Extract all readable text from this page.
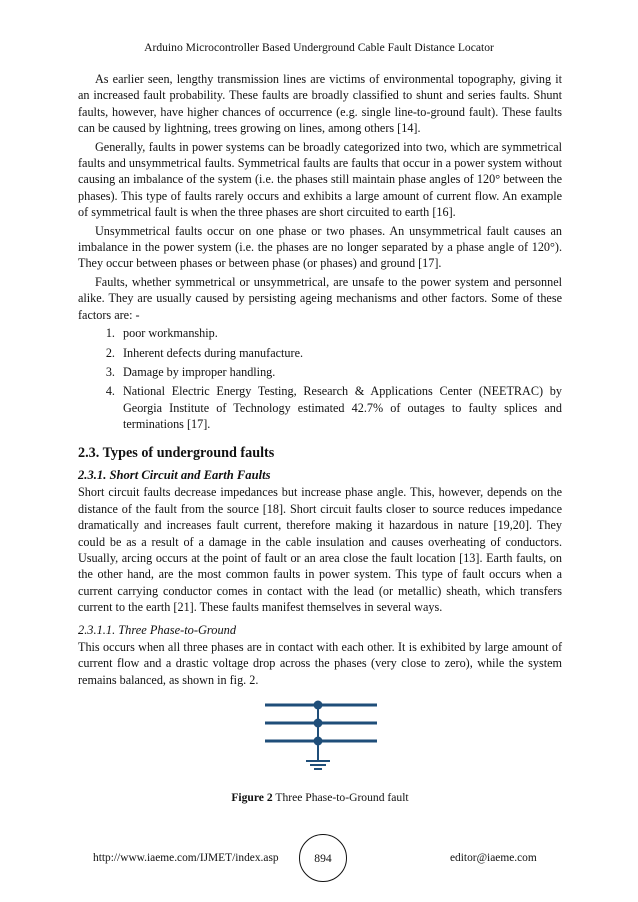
Arduino Microcontroller Based Underground Cable Fault Distance Locator

As earlier seen, lengthy transmission lines are victims of environmental topography, giving it an increased fault probability. These faults are broadly classified to shunt and series faults. Shunt faults, however, have higher chances of occurrence (e.g. single line-to-ground fault). These faults can be caused by lightning, trees growing on lines, among others [14].

Generally, faults in power systems can be broadly categorized into two, which are symmetrical faults and unsymmetrical faults. Symmetrical faults are faults that occur in a power system without causing an imbalance of the system (i.e. the phases still maintain phase angles of 120° between the phases). This type of faults rarely occurs and exhibits a large amount of current flow. An example of symmetrical fault is when the three phases are short circuited to earth [16].

Unsymmetrical faults occur on one phase or two phases. An unsymmetrical fault causes an imbalance in the power system (i.e. the phases are no longer separated by a phase angle of 120°). They occur between phases or between phase (or phases) and ground [17].

Faults, whether symmetrical or unsymmetrical, are unsafe to the power system and personnel alike. They are usually caused by persisting ageing mechanisms and other factors. Some of these factors are: -

1. poor workmanship.
2. Inherent defects during manufacture.
3. Damage by improper handling.
4. National Electric Energy Testing, Research & Applications Center (NEETRAC) by Georgia Institute of Technology estimated 42.7% of outages to faulty splices and terminations [17].
2.3. Types of underground faults
2.3.1. Short Circuit and Earth Faults

Short circuit faults decrease impedances but increase phase angle. This, however, depends on the distance of the fault from the source [18]. Short circuit faults closer to source reduces impedance dramatically and increases fault current, therefore making it hazardous in nature [19,20]. They could be as a result of a damage in the cable insulation and causes overheating of conductors. Usually, arcing occurs at the point of fault or an area close the fault location [13]. Earth faults, on the other hand, are the most common faults in power system. This type of fault occurs when a current carrying conductor comes in contact with the lead (or metallic) sheath, which transfers current to the earth [21]. These faults manifest themselves in several ways.

2.3.1.1. Three Phase-to-Ground

This occurs when all three phases are in contact with each other. It is exhibited by large amount of current flow and a drastic voltage drop across the phases (very close to zero), while the system remains balanced, as shown in fig. 2.

Figure 2 Three Phase-to-Ground fault
http://www.iaeme.com/IJMET/index.asp	894	editor@iaeme.com
